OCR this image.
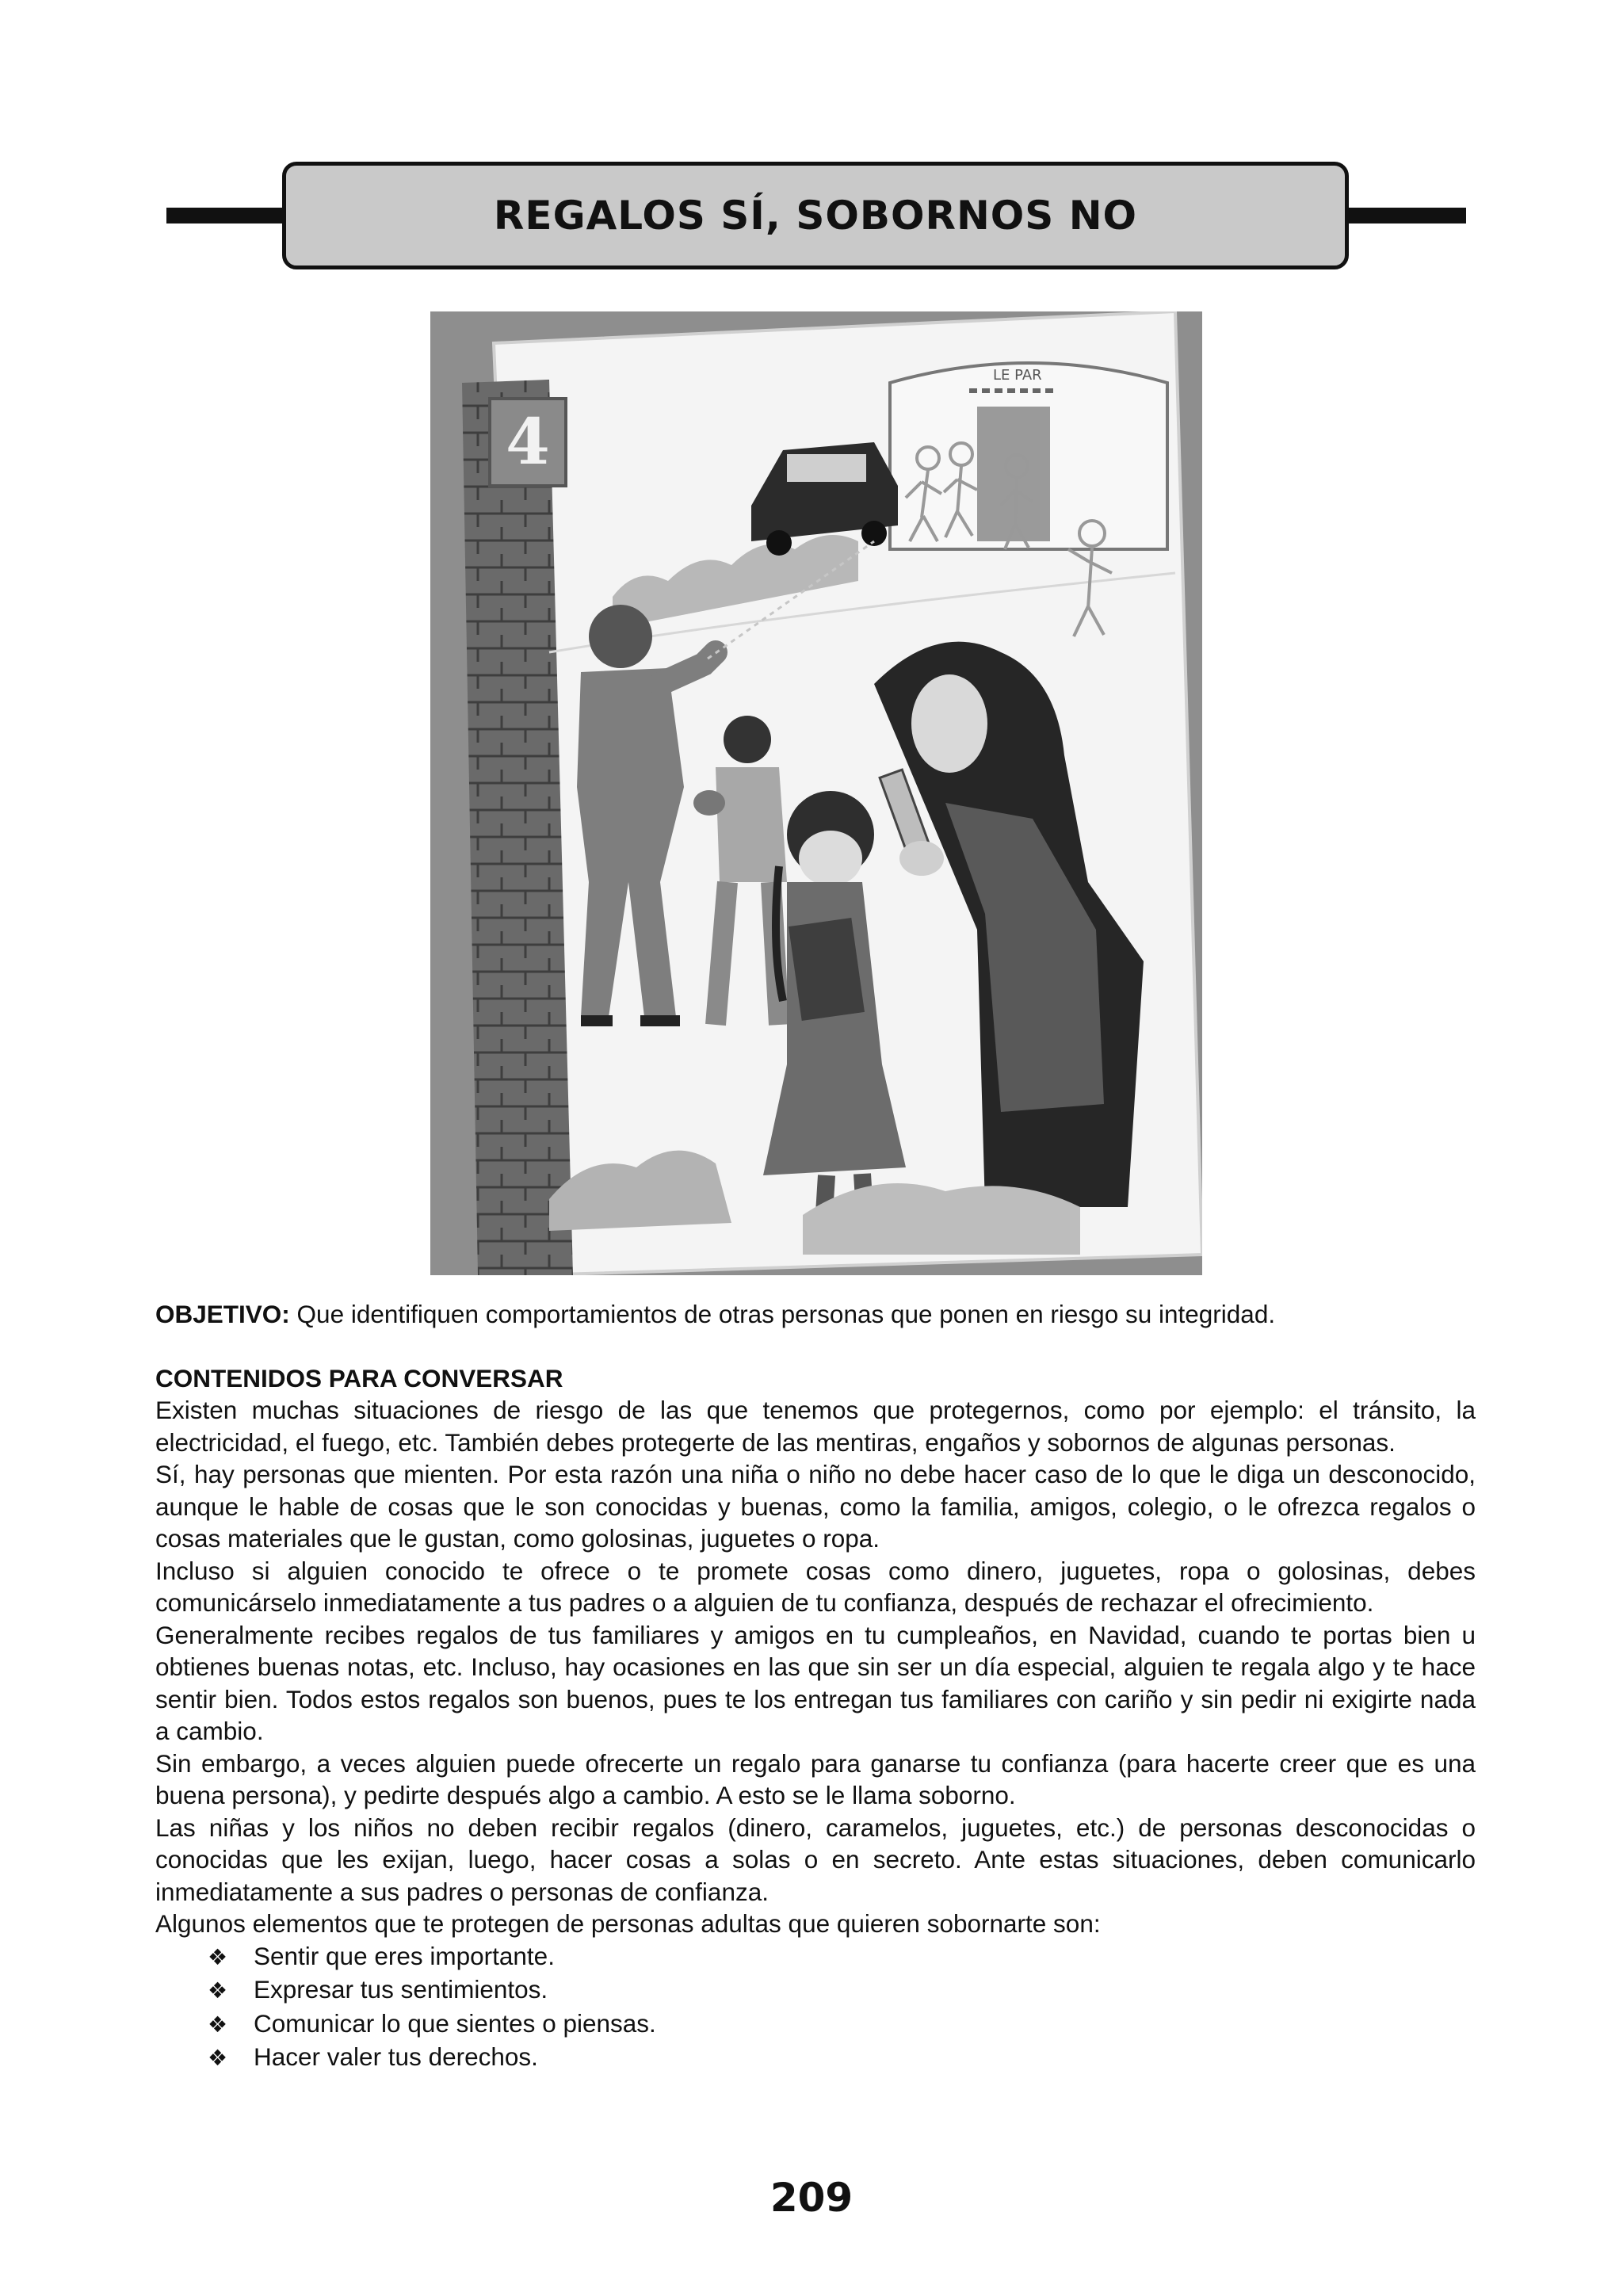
REGALOS SÍ, SOBORNOS NO
4
LE PAR

OBJETIVO: Que identifiquen comportamientos de otras personas que ponen en riesgo su integridad.

CONTENIDOS PARA CONVERSAR

Existen muchas situaciones de riesgo de las que tenemos que protegernos, como por ejemplo: el tránsito, la electricidad, el fuego, etc. También debes protegerte de las mentiras, engaños y sobornos de algunas personas.

Sí, hay personas que mienten. Por esta razón una niña o niño no debe hacer caso de lo que le diga un desconocido, aunque le hable de cosas que le son conocidas y buenas, como la familia, amigos, colegio, o le ofrezca regalos o cosas materiales que le gustan, como golosinas, juguetes o ropa.

Incluso si alguien conocido te ofrece o te promete cosas como dinero, juguetes, ropa o golosinas, debes comunicárselo inmediatamente a tus padres o a alguien de tu confianza, después de rechazar el ofrecimiento.

Generalmente recibes regalos de tus familiares y amigos en tu cumpleaños, en Navidad, cuando te portas bien u obtienes buenas notas, etc. Incluso, hay ocasiones en las que sin ser un día especial, alguien te regala algo y te hace sentir bien. Todos estos regalos son buenos, pues te los entregan tus familiares con cariño y sin pedir ni exigirte nada a cambio.

Sin embargo, a veces alguien puede ofrecerte un regalo para ganarse tu confianza (para hacerte creer que es una buena persona), y pedirte después algo a cambio. A esto se le llama soborno.

Las niñas y los niños no deben recibir regalos (dinero, caramelos, juguetes, etc.) de personas desconocidas o conocidas que les exijan, luego, hacer cosas a solas o en secreto. Ante estas situaciones, deben comunicarlo inmediatamente a sus padres o personas de confianza.

Algunos elementos que te protegen de personas adultas que quieren sobornarte son:

❖	Sentir que eres importante.
❖	Expresar tus sentimientos.
❖	Comunicar lo que sientes o piensas.
❖	Hacer valer tus derechos.
209
